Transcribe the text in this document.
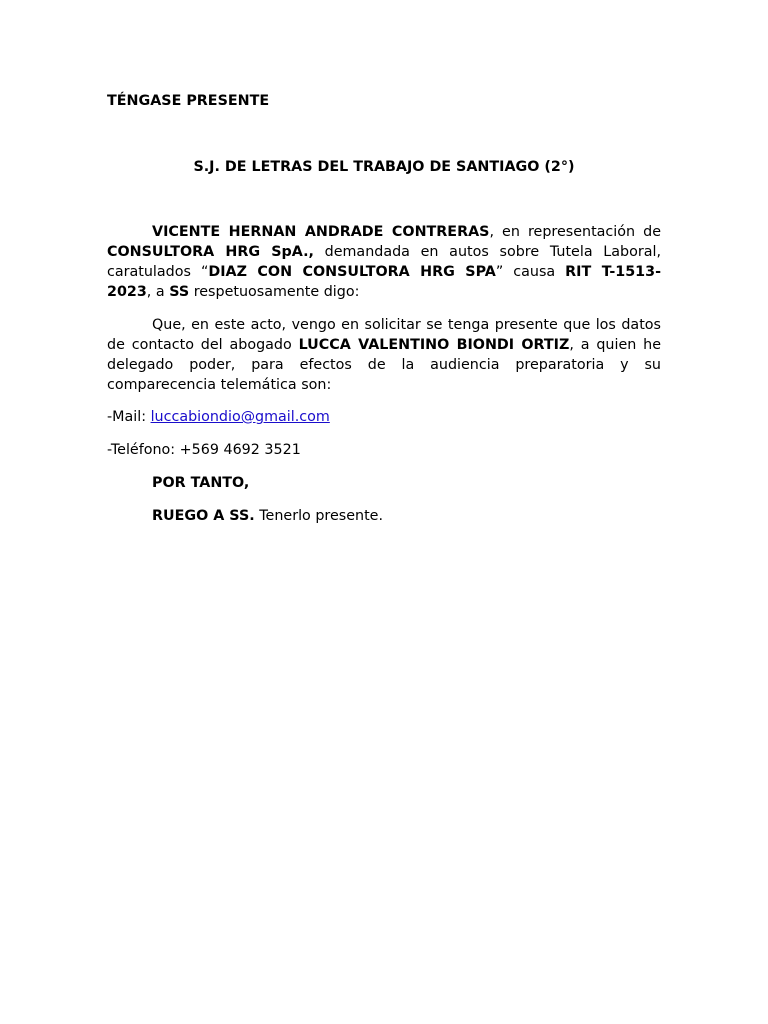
TÉNGASE PRESENTE

S.J. DE LETRAS DEL TRABAJO DE SANTIAGO (2°)

VICENTE HERNAN ANDRADE CONTRERAS, en representación de CONSULTORA HRG SpA., demandada en autos sobre Tutela Laboral, caratulados “DIAZ CON CONSULTORA HRG SPA” causa RIT T-1513-2023, a SS respetuosamente digo:

Que, en este acto, vengo en solicitar se tenga presente que los datos de contacto del abogado LUCCA VALENTINO BIONDI ORTIZ, a quien he delegado poder, para efectos de la audiencia preparatoria y su comparecencia telemática son:

-Mail: luccabiondio@gmail.com

-Teléfono: +569 4692 3521

POR TANTO,

RUEGO A SS. Tenerlo presente.
